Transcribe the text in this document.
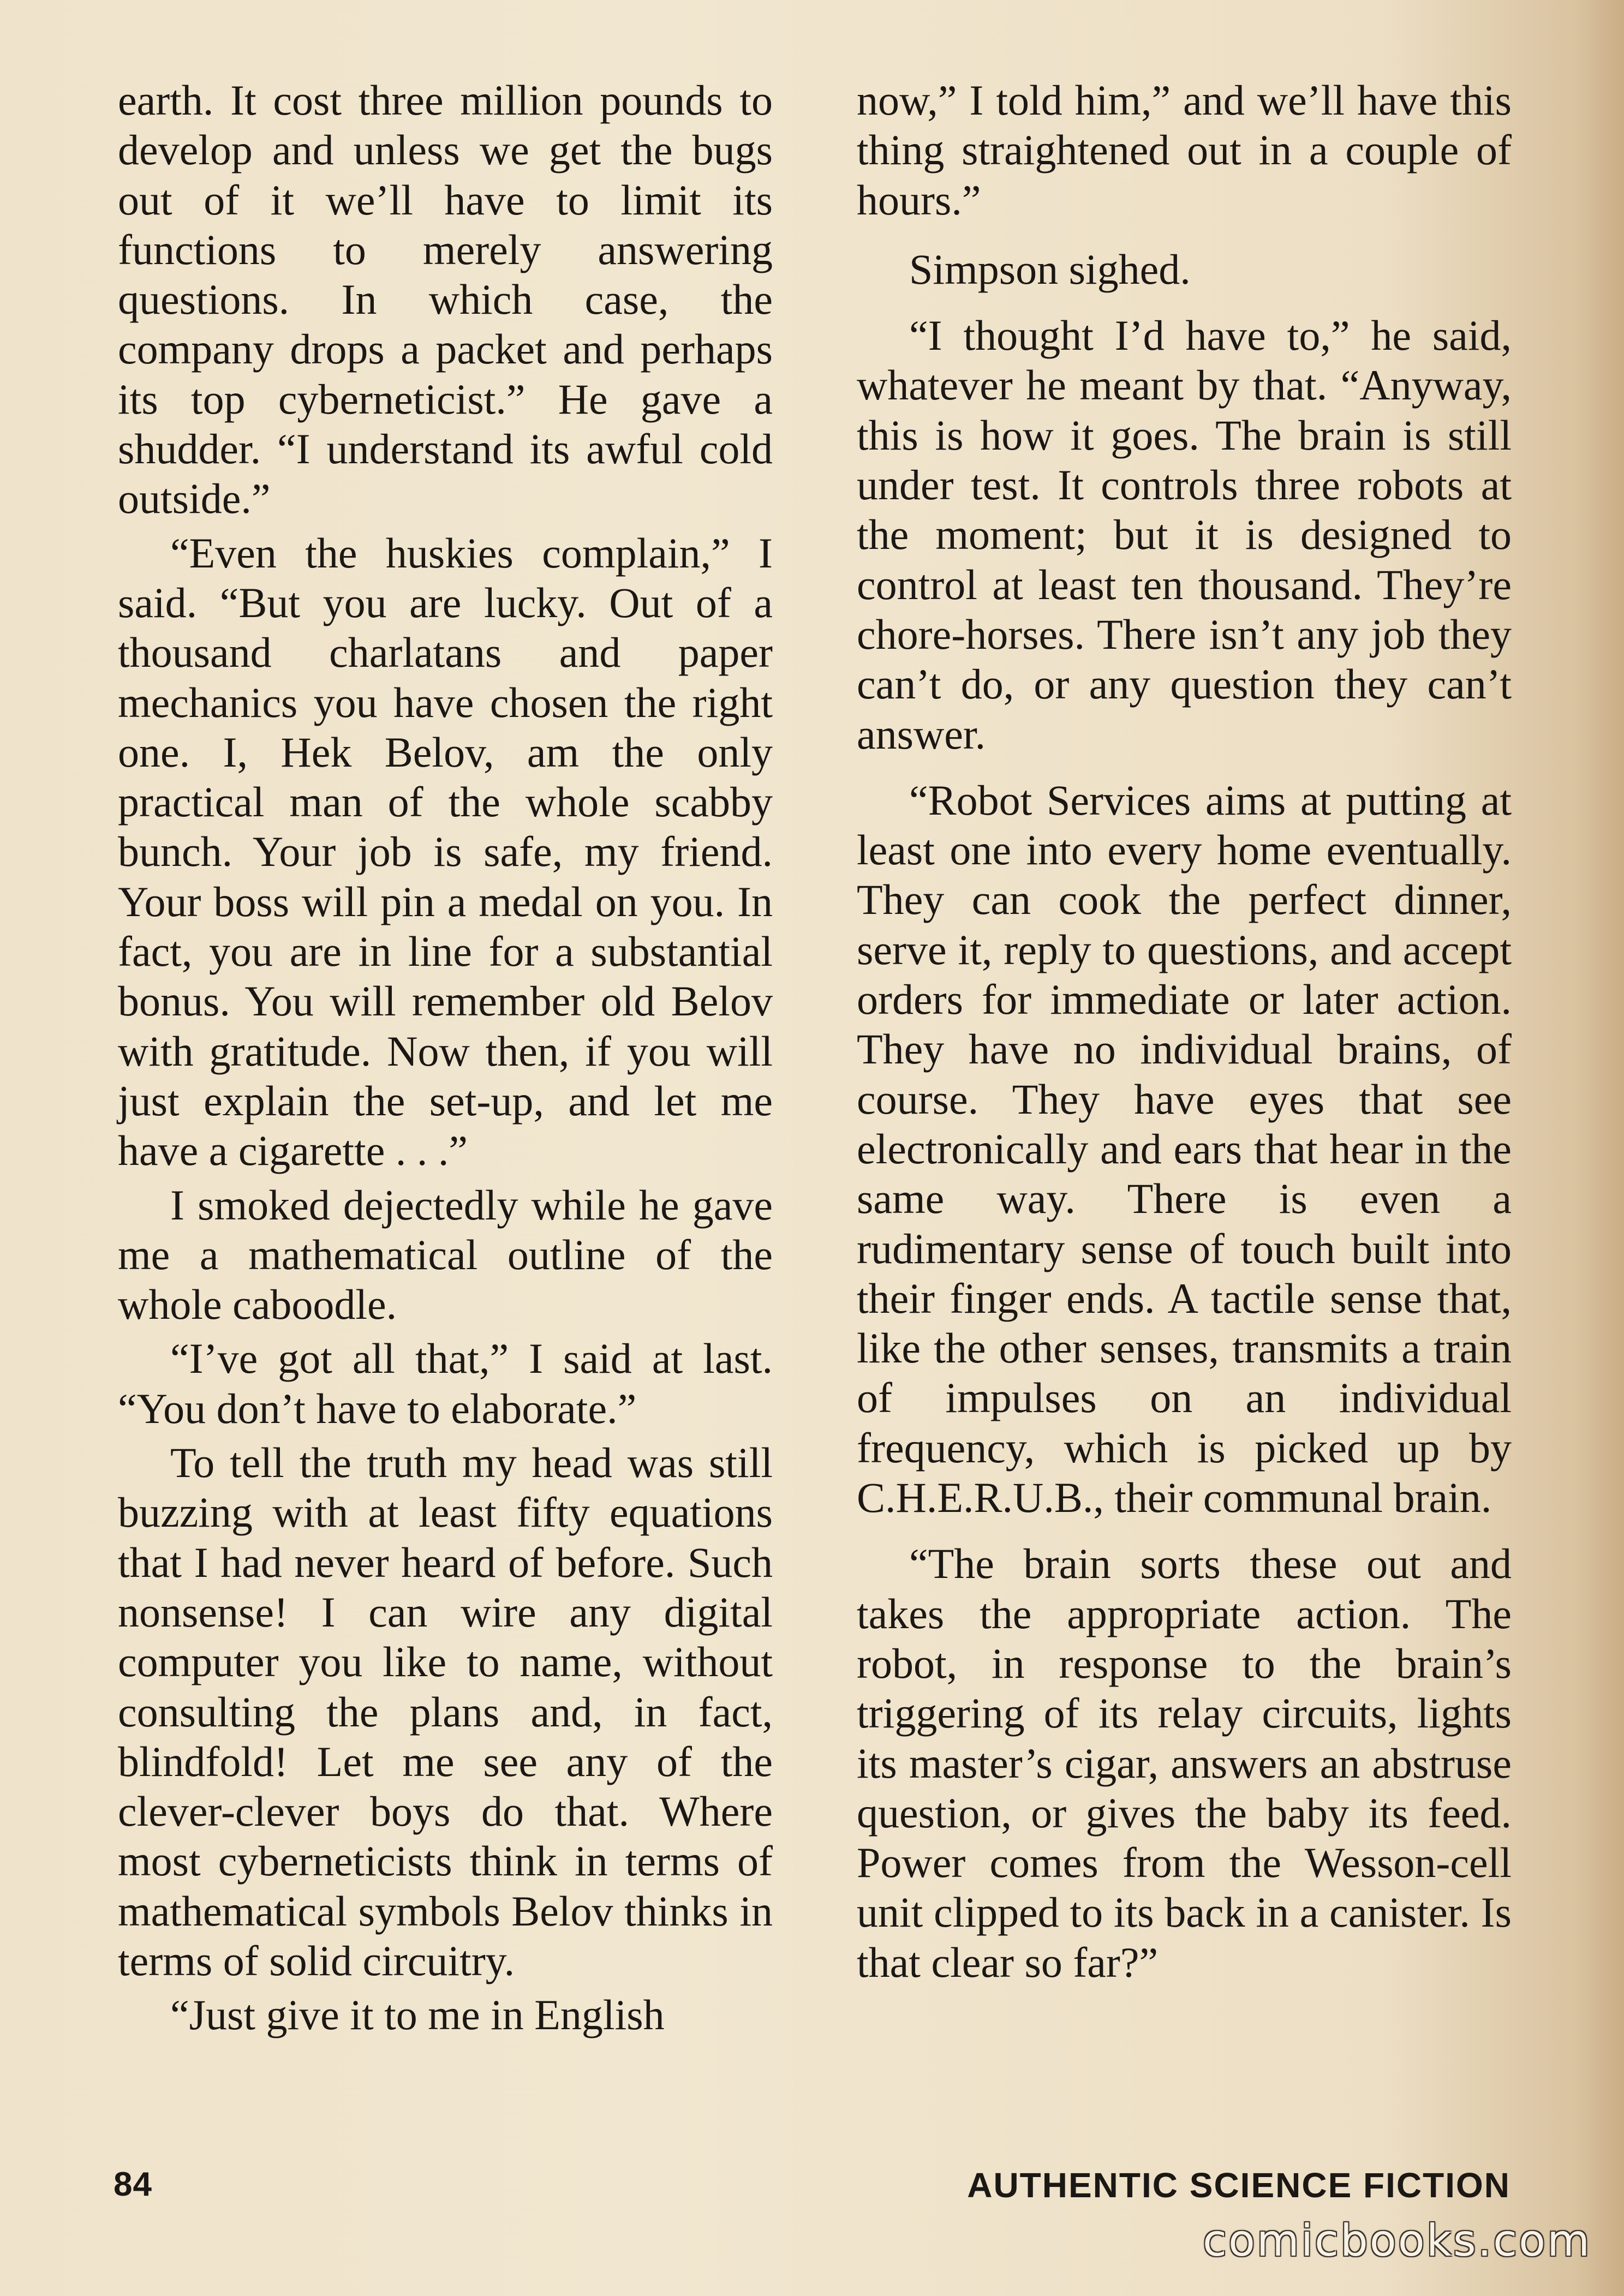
earth. It cost three million pounds to develop and unless we get the bugs out of it we’ll have to limit its functions to merely answering questions. In which case, the company drops a packet and perhaps its top cyberneticist.” He gave a shudder. “I understand its awful cold outside.”

“Even the huskies complain,” I said. “But you are lucky. Out of a thousand charlatans and paper mechanics you have chosen the right one. I, Hek Belov, am the only practical man of the whole scabby bunch. Your job is safe, my friend. Your boss will pin a medal on you. In fact, you are in line for a substantial bonus. You will remember old Belov with gratitude. Now then, if you will just explain the set-up, and let me have a cigarette . . .”

I smoked dejectedly while he gave me a mathematical outline of the whole caboodle.

“I’ve got all that,” I said at last. “You don’t have to elaborate.”

To tell the truth my head was still buzzing with at least fifty equations that I had never heard of before. Such nonsense! I can wire any digital computer you like to name, without consulting the plans and, in fact, blindfold! Let me see any of the clever-clever boys do that. Where most cyberneticists think in terms of mathematical symbols Belov thinks in terms of solid circuitry.

“Just give it to me in English

now,” I told him,” and we’ll have this thing straightened out in a couple of hours.”

Simpson sighed.

“I thought I’d have to,” he said, whatever he meant by that. “Anyway, this is how it goes. The brain is still under test. It controls three robots at the moment; but it is designed to control at least ten thousand. They’re chore-horses. There isn’t any job they can’t do, or any question they can’t answer.

“Robot Services aims at putting at least one into every home eventually. They can cook the perfect dinner, serve it, reply to questions, and accept orders for immediate or later action. They have no individual brains, of course. They have eyes that see electronically and ears that hear in the same way. There is even a rudimentary sense of touch built into their finger ends. A tactile sense that, like the other senses, transmits a train of impulses on an individual frequency, which is picked up by C.H.E.R.U.B., their communal brain.

“The brain sorts these out and takes the appropriate action. The robot, in response to the brain’s triggering of its relay circuits, lights its master’s cigar, answers an abstruse question, or gives the baby its feed. Power comes from the Wesson-cell unit clipped to its back in a canister. Is that clear so far?”

84	AUTHENTIC SCIENCE FICTION
comicbooks.com
